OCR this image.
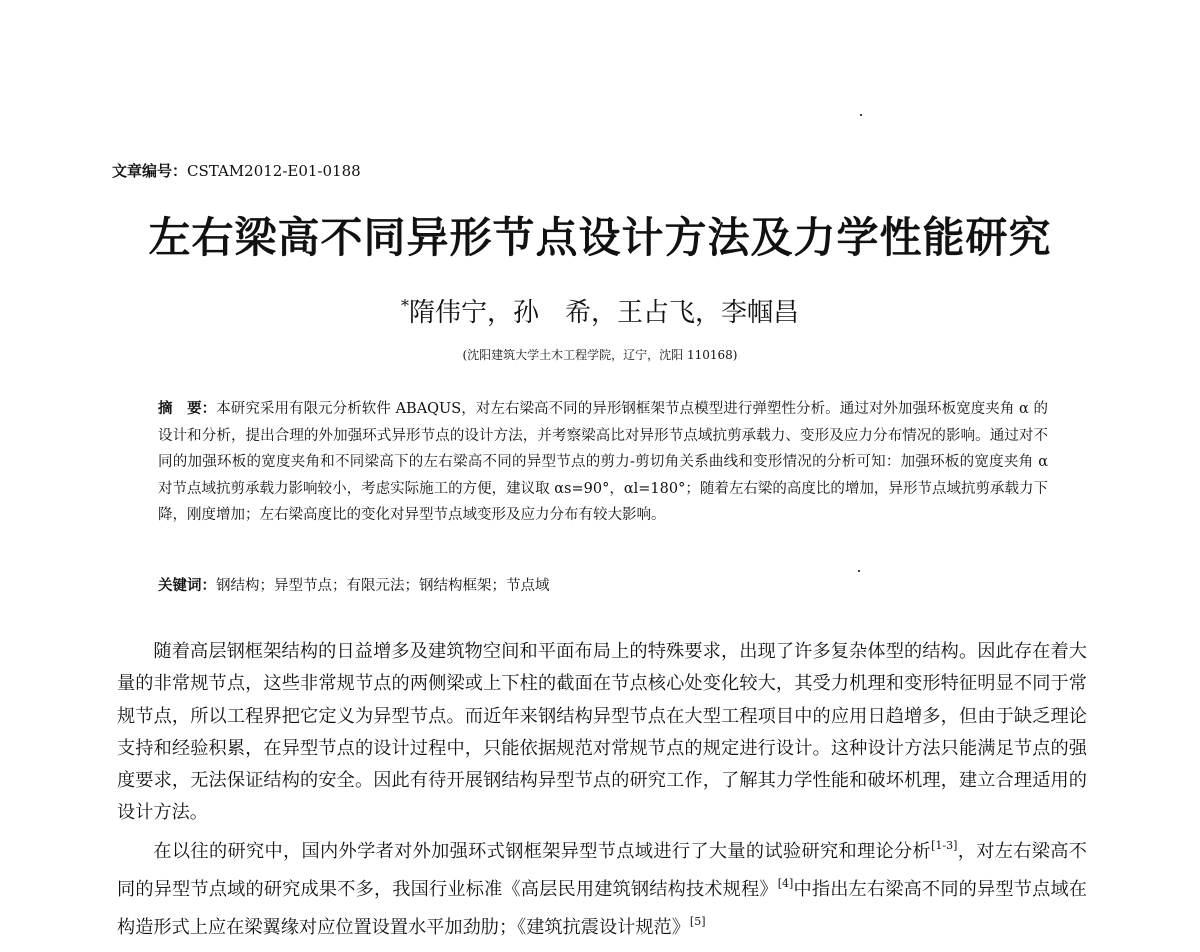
文章编号：CSTAM2012-E01-0188
左右梁高不同异形节点设计方法及力学性能研究
*隋伟宁，孙　希，王占飞，李帼昌
(沈阳建筑大学土木工程学院，辽宁，沈阳 110168)
摘　要：本研究采用有限元分析软件 ABAQUS，对左右梁高不同的异形钢框架节点模型进行弹塑性分析。通过对外加强环板宽度夹角 α 的设计和分析，提出合理的外加强环式异形节点的设计方法，并考察梁高比对异形节点域抗剪承载力、变形及应力分布情况的影响。通过对不同的加强环板的宽度夹角和不同梁高下的左右梁高不同的异型节点的剪力-剪切角关系曲线和变形情况的分析可知：加强环板的宽度夹角 α 对节点域抗剪承载力影响较小，考虑实际施工的方便，建议取 αs=90°，αl=180°；随着左右梁的高度比的增加，异形节点域抗剪承载力下降，刚度增加；左右梁高度比的变化对异型节点域变形及应力分布有较大影响。
关键词：钢结构；异型节点；有限元法；钢结构框架；节点域

随着高层钢框架结构的日益增多及建筑物空间和平面布局上的特殊要求，出现了许多复杂体型的结构。因此存在着大量的非常规节点，这些非常规节点的两侧梁或上下柱的截面在节点核心处变化较大，其受力机理和变形特征明显不同于常规节点，所以工程界把它定义为异型节点。而近年来钢结构异型节点在大型工程项目中的应用日趋增多，但由于缺乏理论支持和经验积累，在异型节点的设计过程中，只能依据规范对常规节点的规定进行设计。这种设计方法只能满足节点的强度要求，无法保证结构的安全。因此有待开展钢结构异型节点的研究工作，了解其力学性能和破坏机理，建立合理适用的设计方法。

在以往的研究中，国内外学者对外加强环式钢框架异型节点域进行了大量的试验研究和理论分析[1-3]，对左右梁高不同的异型节点域的研究成果不多，我国行业标准《高层民用建筑钢结构技术规程》[4]中指出左右梁高不同的异型节点域在构造形式上应在梁翼缘对应位置设置水平加劲肋；《建筑抗震设计规范》[5]
